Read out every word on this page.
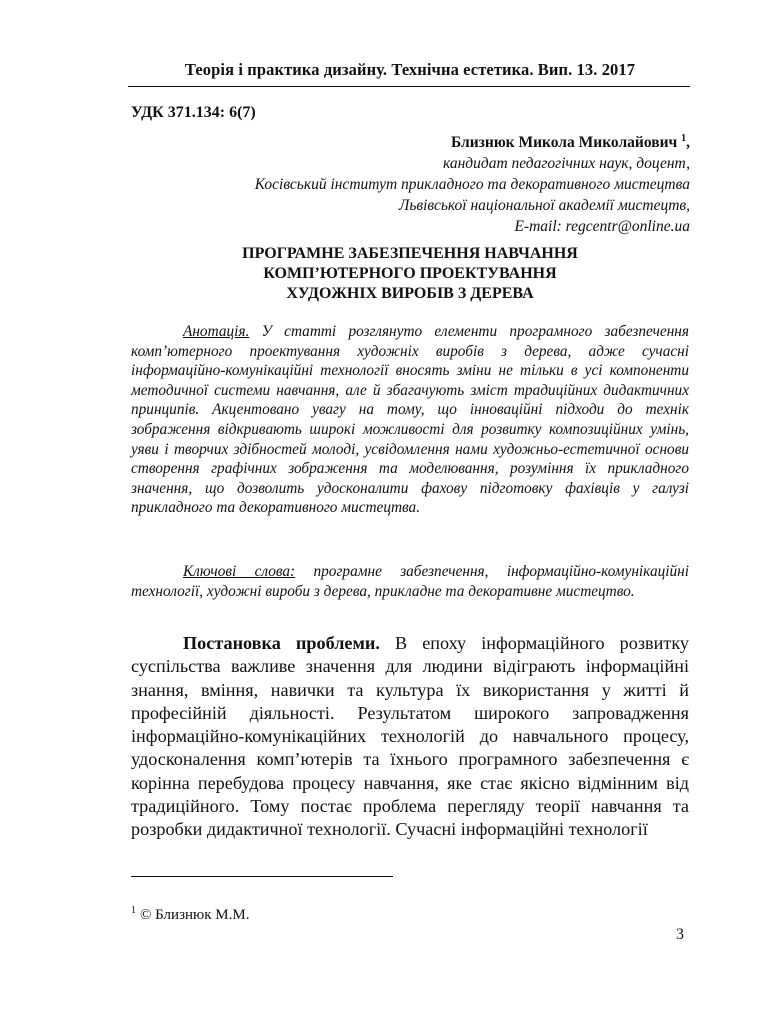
Теорія і практика дизайну. Технічна естетика. Вип. 13. 2017
УДК 371.134: 6(7)
Близнюк Микола Миколайович $^1$,
кандидат педагогічних наук, доцент,
Косівський інститут прикладного та декоративного мистецтва
Львівської національної академії мистецтв,
E-mail: regcentr@online.ua
ПРОГРАМНЕ ЗАБЕЗПЕЧЕННЯ НАВЧАННЯ
КОМП’ЮТЕРНОГО ПРОЕКТУВАННЯ
ХУДОЖНІХ ВИРОБІВ З ДЕРЕВА
Анотація. У статті розглянуто елементи програмного забезпечення комп’ютерного проектування художніх виробів з дерева, адже сучасні інформаційно-комунікаційні технології вносять зміни не тільки в усі компоненти методичної системи навчання, але й збагачують зміст традиційних дидактичних принципів. Акцентовано увагу на тому, що інноваційні підходи до технік зображення відкривають широкі можливості для розвитку композиційних умінь, уяви і творчих здібностей молоді, усвідомлення нами художньо-естетичної основи створення графічних зображення та моделювання, розуміння їх прикладного значення, що дозволить удосконалити фахову підготовку фахівців у галузі прикладного та декоративного мистецтва.
Ключові слова: програмне забезпечення, інформаційно-комунікаційні технології, художні вироби з дерева, прикладне та декоративне мистецтво.
Постановка проблеми. В епоху інформаційного розвитку суспільства важливе значення для людини відіграють інформаційні знання, вміння, навички та культура їх використання у житті й професійній діяльності. Результатом широкого запровадження інформаційно-комунікаційних технологій до навчального процесу, удосконалення комп’ютерів та їхнього програмного забезпечення є корінна перебудова процесу навчання, яке стає якісно відмінним від традиційного. Тому постає проблема перегляду теорії навчання та розробки дидактичної технології. Сучасні інформаційні технології
$^1$ © Близнюк М.М.
3
